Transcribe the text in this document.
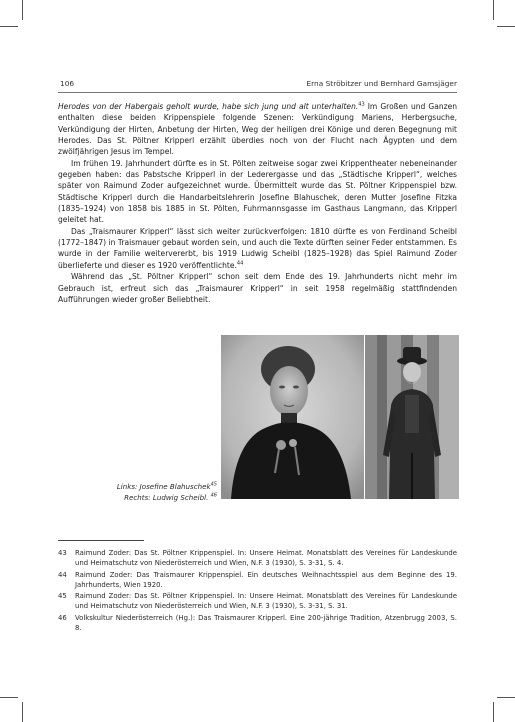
106	Erna Ströbitzer und Bernhard Gamsjäger

Herodes von der Habergais geholt wurde, habe sich jung und alt unterhalten.$^{43}$ Im Großen und Ganzen enthalten diese beiden Krippenspiele folgende Szenen: Verkündigung Mariens, Herbergsuche, Verkündigung der Hirten, Anbetung der Hirten, Weg der heiligen drei Könige und deren Begegnung mit Herodes. Das St. Pöltner Kripperl erzählt überdies noch von der Flucht nach Ägypten und dem zwölfjährigen Jesus im Tempel.

Im frühen 19. Jahrhundert dürfte es in St. Pölten zeitweise sogar zwei Krippentheater nebeneinander gegeben haben: das Pabstsche Kripperl in der Lederergasse und das „Städtische Kripperl“, welches später von Raimund Zoder aufgezeichnet wurde. Übermittelt wurde das St. Pöltner Krippenspiel bzw. Städtische Kripperl durch die Handarbeitslehrerin Josefine Blahuschek, deren Mutter Josefine Fitzka (1835–1924) von 1858 bis 1885 in St. Pölten, Fuhrmannsgasse im Gasthaus Langmann, das Kripperl geleitet hat.

Das „Traismaurer Kripperl“ lässt sich weiter zurückverfolgen: 1810 dürfte es von Ferdinand Scheibl (1772–1847) in Traismauer gebaut worden sein, und auch die Texte dürften seiner Feder entstammen. Es wurde in der Familie weitervererbt, bis 1919 Ludwig Scheibl (1825–1928) das Spiel Raimund Zoder überlieferte und dieser es 1920 veröffentlichte.$^{44}$

Während das „St. Pöltner Kripperl“ schon seit dem Ende des 19. Jahrhunderts nicht mehr im Gebrauch ist, erfreut sich das „Traismaurer Kripperl“ in seit 1958 regelmäßig stattfindenden Aufführungen wieder großer Beliebtheit.

Links: Josefine Blahuschek$^{45}$
Rechts: Ludwig Scheibl. $^{46}$
43 Raimund Zoder: Das St. Pöltner Krippenspiel. In: Unsere Heimat. Monatsblatt des Vereines für Landeskunde und Heimatschutz von Niederösterreich und Wien, N.F. 3 (1930), S. 3-31, S. 4.
44 Raimund Zoder: Das Traismaurer Krippenspiel. Ein deutsches Weihnachtsspiel aus dem Beginne des 19. Jahrhunderts, Wien 1920.
45 Raimund Zoder: Das St. Pöltner Krippenspiel. In: Unsere Heimat. Monatsblatt des Vereines für Landeskunde und Heimatschutz von Niederösterreich und Wien, N.F. 3 (1930), S. 3-31, S. 31.
46 Volkskultur Niederösterreich (Hg.): Das Traismaurer Kripperl. Eine 200-jährige Tradition, Atzenbrugg 2003, S. 8.
